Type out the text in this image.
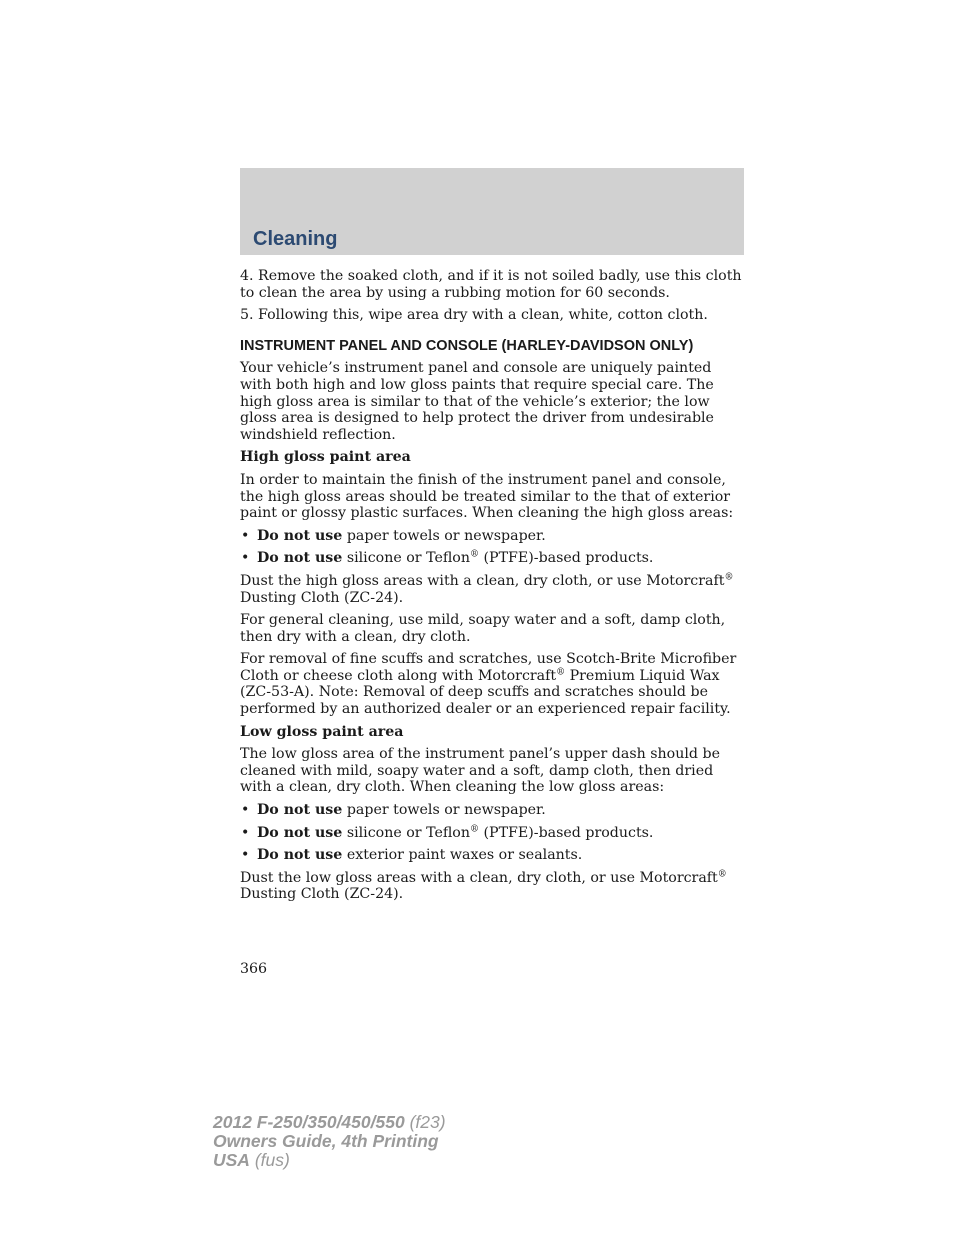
Cleaning

4. Remove the soaked cloth, and if it is not soiled badly, use this cloth to clean the area by using a rubbing motion for 60 seconds.

5. Following this, wipe area dry with a clean, white, cotton cloth.

INSTRUMENT PANEL AND CONSOLE (HARLEY-DAVIDSON ONLY)

Your vehicle’s instrument panel and console are uniquely painted with both high and low gloss paints that require special care. The high gloss area is similar to that of the vehicle’s exterior; the low gloss area is designed to help protect the driver from undesirable windshield reflection.

High gloss paint area

In order to maintain the finish of the instrument panel and console, the high gloss areas should be treated similar to the that of exterior paint or glossy plastic surfaces. When cleaning the high gloss areas:

• Do not use paper towels or newspaper.
• Do not use silicone or Teflon® (PTFE)-based products.

Dust the high gloss areas with a clean, dry cloth, or use Motorcraft® Dusting Cloth (ZC-24).

For general cleaning, use mild, soapy water and a soft, damp cloth, then dry with a clean, dry cloth.

For removal of fine scuffs and scratches, use Scotch-Brite Microfiber Cloth or cheese cloth along with Motorcraft® Premium Liquid Wax (ZC-53-A). Note: Removal of deep scuffs and scratches should be performed by an authorized dealer or an experienced repair facility.

Low gloss paint area

The low gloss area of the instrument panel’s upper dash should be cleaned with mild, soapy water and a soft, damp cloth, then dried with a clean, dry cloth. When cleaning the low gloss areas:

• Do not use paper towels or newspaper.
• Do not use silicone or Teflon® (PTFE)-based products.
• Do not use exterior paint waxes or sealants.

Dust the low gloss areas with a clean, dry cloth, or use Motorcraft® Dusting Cloth (ZC-24).

366
2012 F-250/350/450/550 (f23)
Owners Guide, 4th Printing
USA (fus)
